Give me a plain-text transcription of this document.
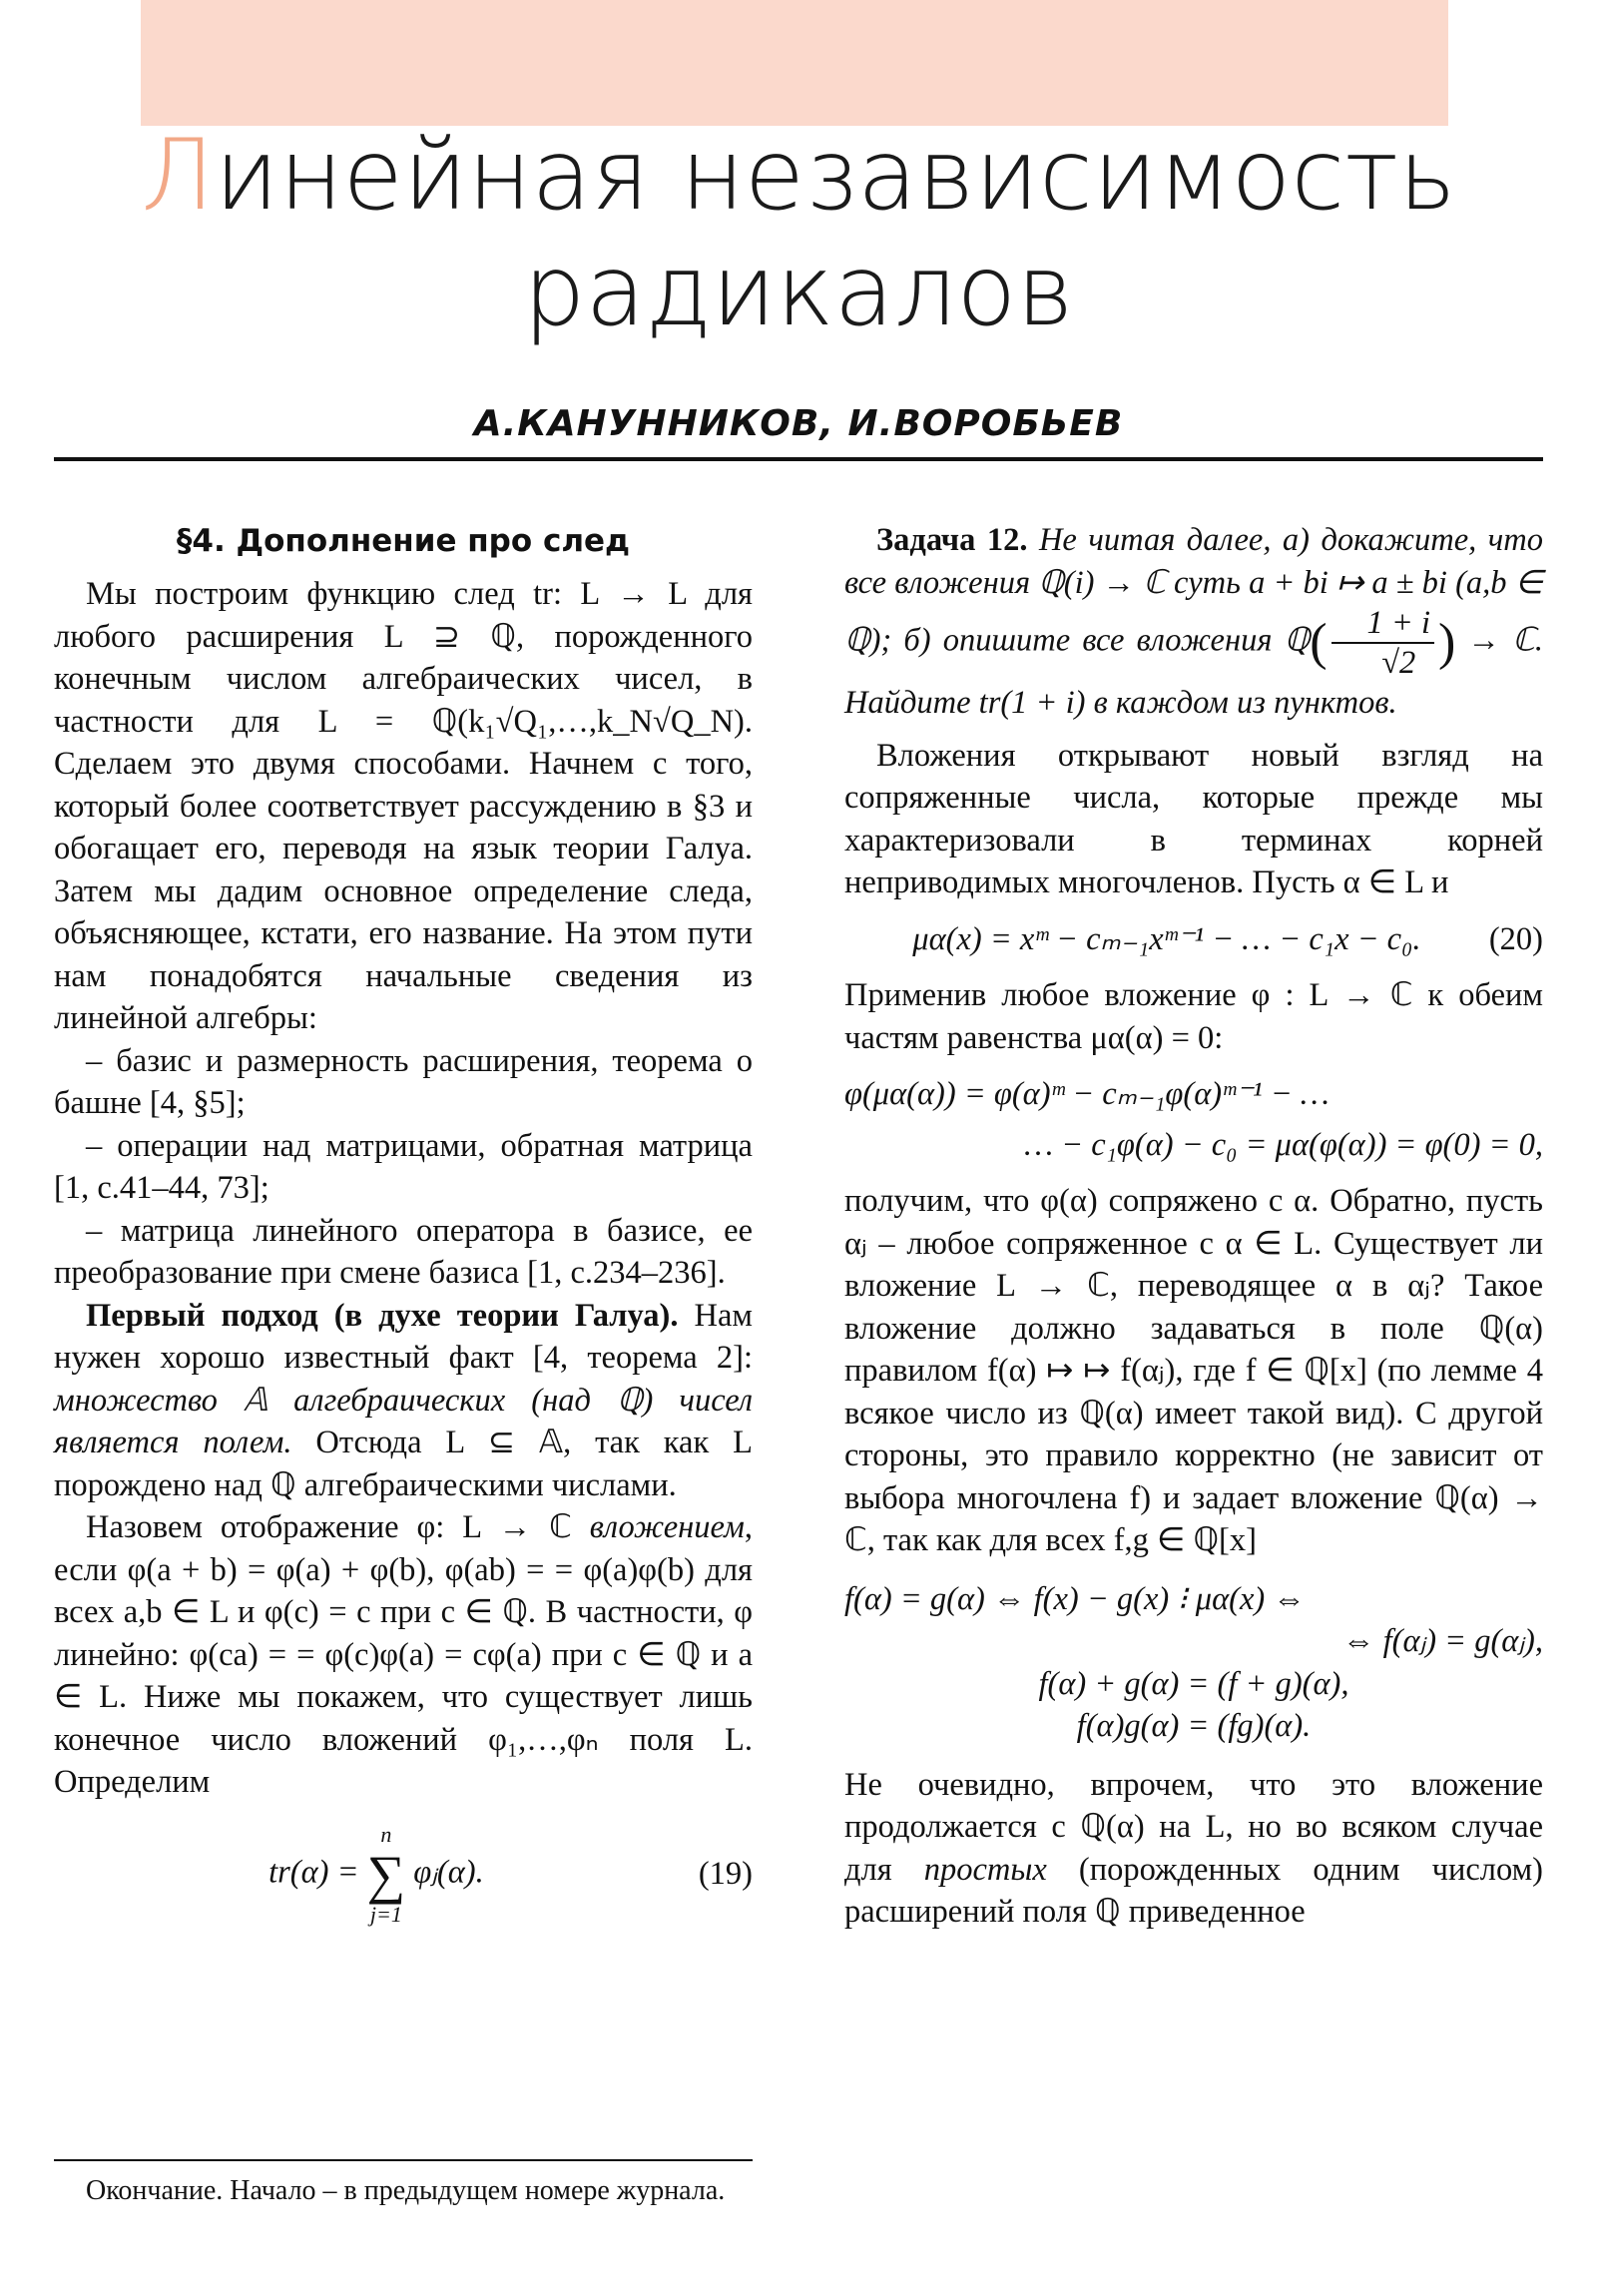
Линейная независимость
радикалов
А.КАНУННИКОВ, И.ВОРОБЬЕВ
§4. Дополнение про след

Мы построим функцию след tr: L → L для любого расширения L ⊇ ℚ, порожденного конечным числом алгебраических чисел, в частности для L = ℚ(k₁√Q₁,…,k_N√Q_N). Сделаем это двумя способами. Начнем с того, который более соответствует рассуждению в §3 и обогащает его, переводя на язык теории Галуа. Затем мы дадим основное определение следа, объясняющее, кстати, его название. На этом пути нам понадобятся начальные сведения из линейной алгебры:

– базис и размерность расширения, теорема о башне [4, §5];

– операции над матрицами, обратная матрица [1, с.41–44, 73];

– матрица линейного оператора в базисе, ее преобразование при смене базиса [1, с.234–236].

Первый подход (в духе теории Галуа). Нам нужен хорошо известный факт [4, теорема 2]: множество 𝔸 алгебраических (над ℚ) чисел является полем. Отсюда L ⊆ 𝔸, так как L порождено над ℚ алгебраическими числами.

Назовем отображение φ: L → ℂ вложением, если φ(a + b) = φ(a) + φ(b), φ(ab) = = φ(a)φ(b) для всех a,b ∈ L и φ(c) = c при c ∈ ℚ. В частности, φ линейно: φ(ca) = = φ(c)φ(a) = cφ(a) при c ∈ ℚ и a ∈ L. Ниже мы покажем, что существует лишь конечное число вложений φ₁,…,φₙ поля L. Определим

tr(α) =
n
∑
j=1
φⱼ(α).	(19)
Окончание. Начало – в предыдущем номере журнала.

Задача 12. Не читая далее, а) докажите, что все вложения ℚ(i) → ℂ суть a + bi ↦ a ± bi (a,b ∈ ℚ); б) опишите все вложения ℚ( $\frac{1 + i}{√2}$ ) → ℂ. Найдите tr(1 + i) в каждом из пунктов.

Вложения открывают новый взгляд на сопряженные числа, которые прежде мы характеризовали в терминах корней неприводимых многочленов. Пусть α ∈ L и

μα(x) = xᵐ − cₘ₋₁xᵐ⁻¹ − … − c₁x − c₀.	(20)

Применив любое вложение φ : L → ℂ к обеим частям равенства μα(α) = 0:

φ(μα(α)) = φ(α)ᵐ − cₘ₋₁φ(α)ᵐ⁻¹ − …
… − c₁φ(α) − c₀ = μα(φ(α)) = φ(0) = 0,

получим, что φ(α) сопряжено с α. Обратно, пусть αⱼ – любое сопряженное с α ∈ L. Существует ли вложение L → ℂ, переводящее α в αⱼ? Такое вложение должно задаваться в поле ℚ(α) правилом f(α) ↦ ↦ f(αⱼ), где f ∈ ℚ[x] (по лемме 4 всякое число из ℚ(α) имеет такой вид). С другой стороны, это правило корректно (не зависит от выбора многочлена f) и задает вложение ℚ(α) → ℂ, так как для всех f,g ∈ ℚ[x]

f(α) = g(α) ⇔ f(x) − g(x) ⁝ μα(x) ⇔
⇔ f(αⱼ) = g(αⱼ),
f(α) + g(α) = (f + g)(α),
f(α)g(α) = (fg)(α).

Не очевидно, впрочем, что это вложение продолжается с ℚ(α) на L, но во всяком случае для простых (порожденных одним числом) расширений поля ℚ приведенное
